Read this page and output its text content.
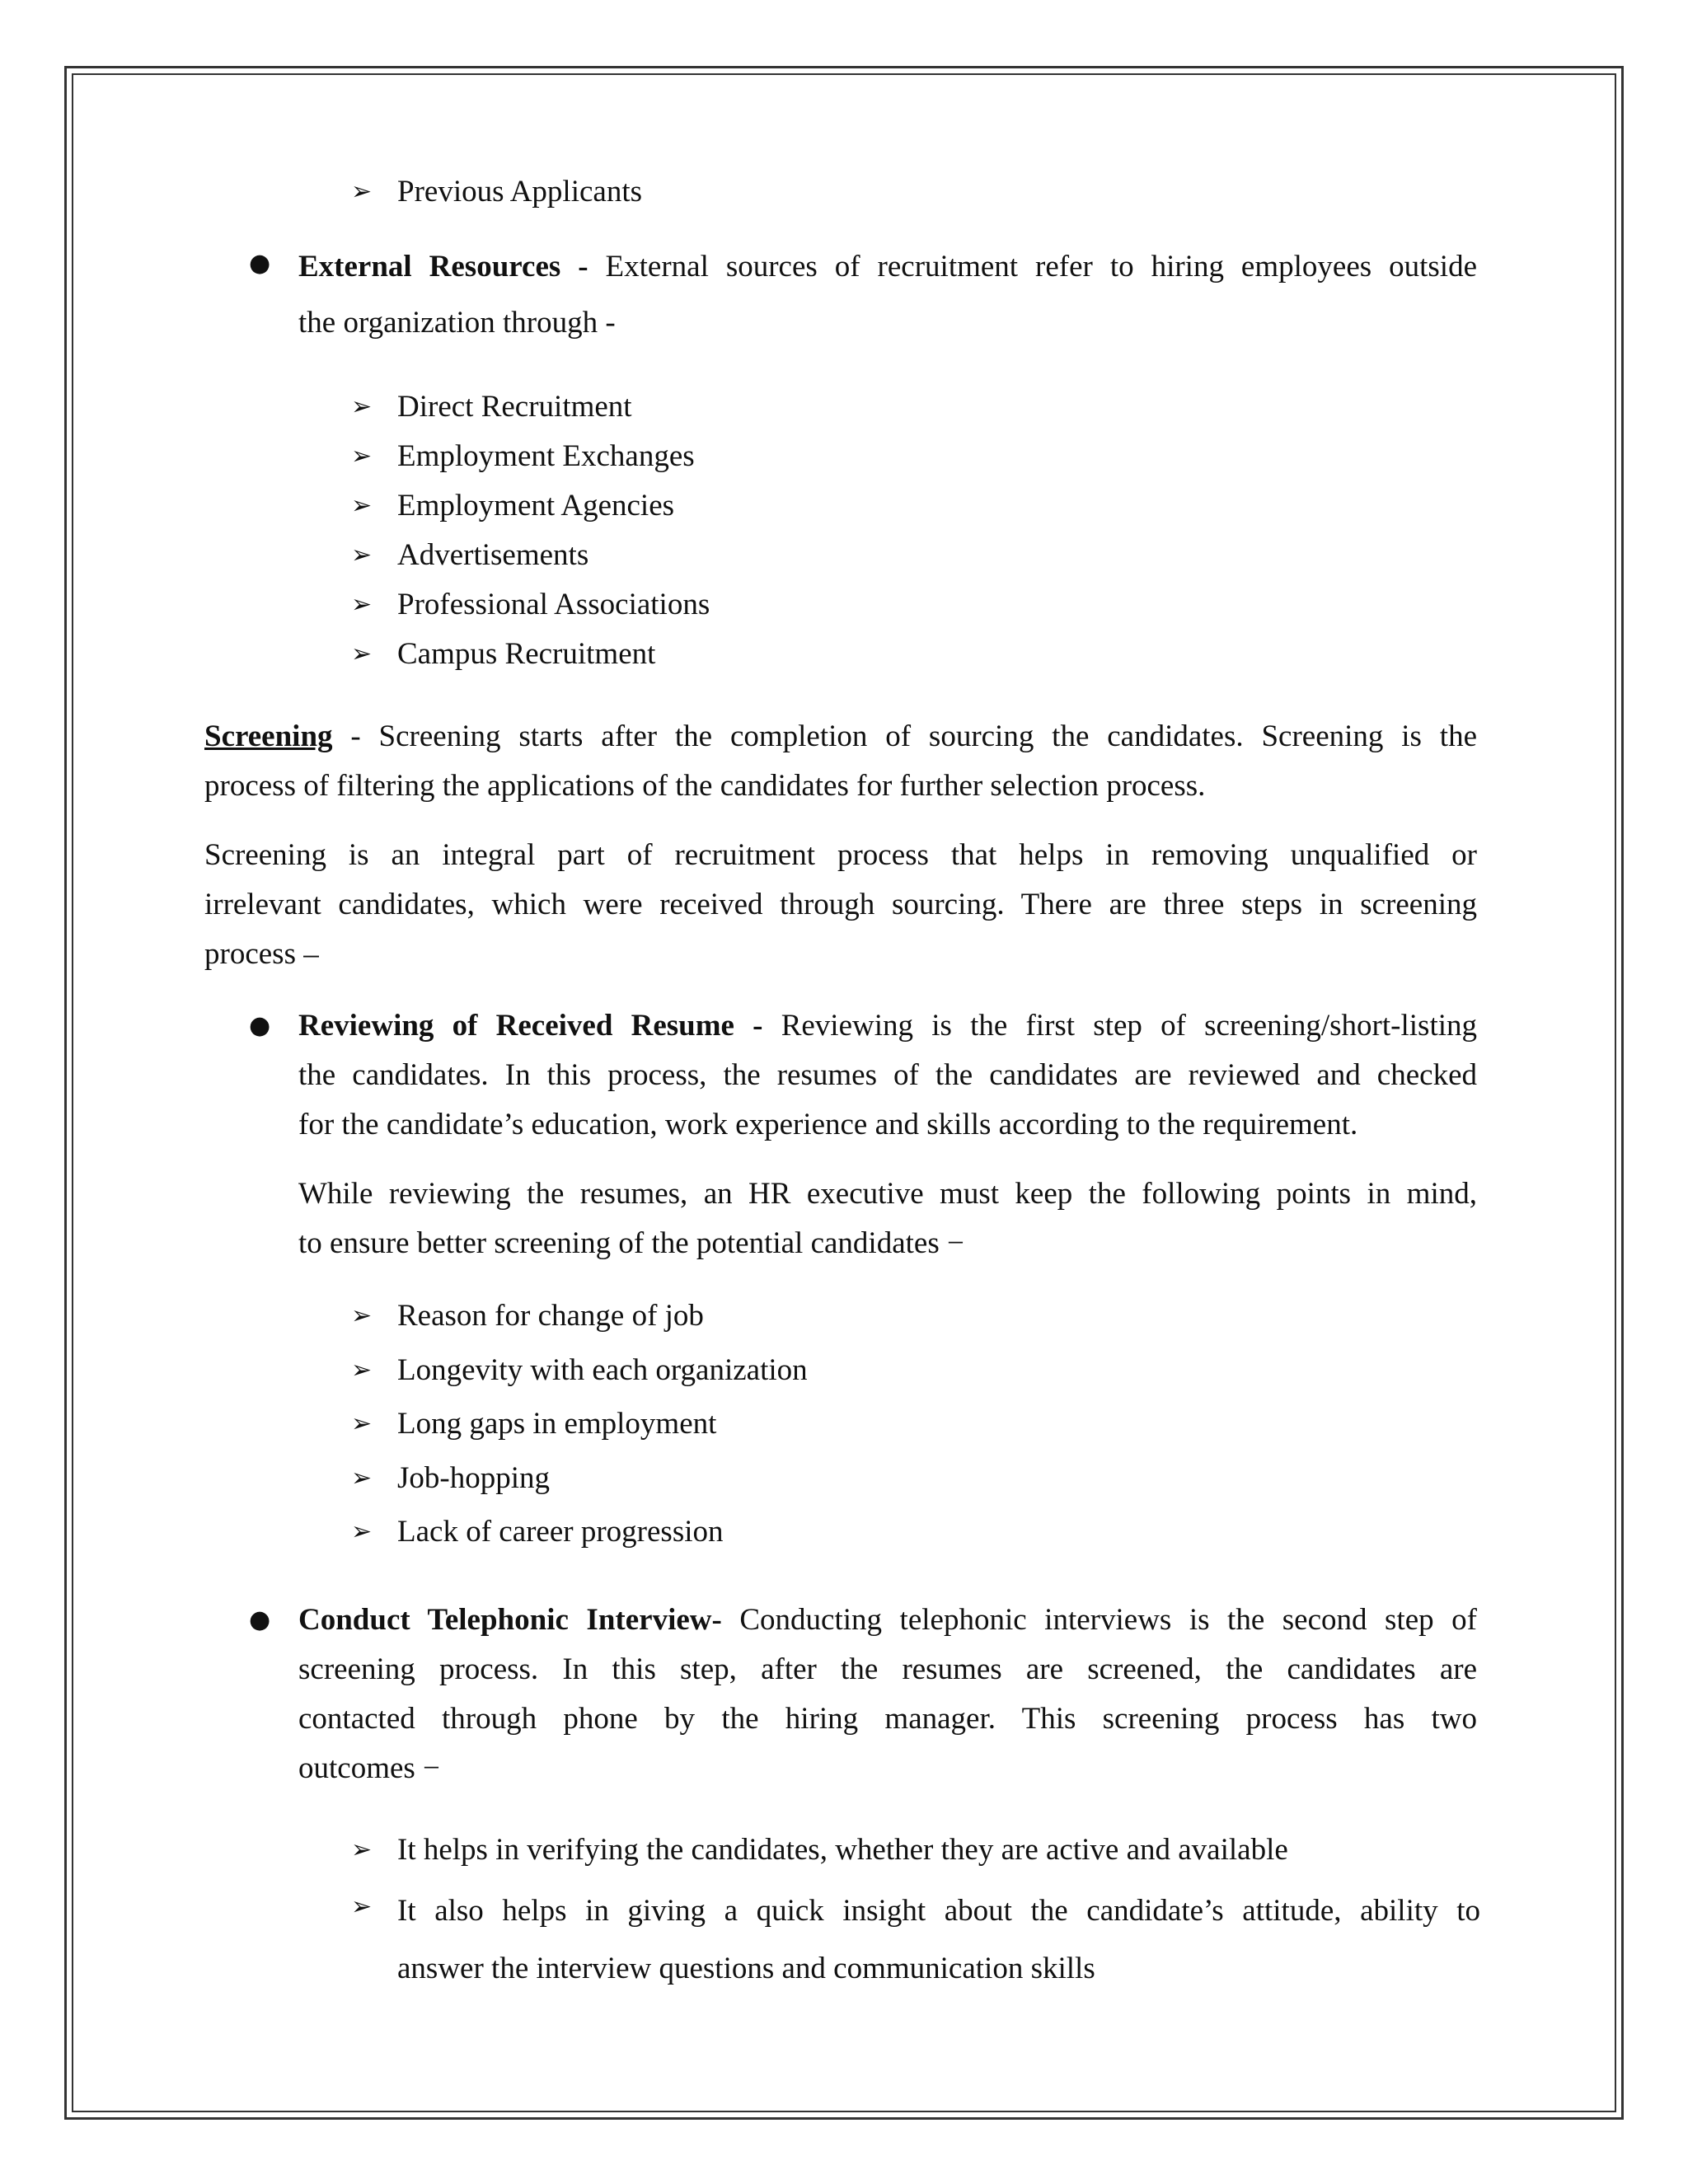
➢ Previous Applicants
● External Resources - External sources of recruitment refer to hiring employees outside
the organization through -
➢ Direct Recruitment
➢ Employment Exchanges
➢ Employment Agencies
➢ Advertisements
➢ Professional Associations
➢ Campus Recruitment
Screening - Screening starts after the completion of sourcing the candidates. Screening is the
process of filtering the applications of the candidates for further selection process.
Screening is an integral part of recruitment process that helps in removing unqualified or
irrelevant candidates, which were received through sourcing. There are three steps in screening
process –
● Reviewing of Received Resume - Reviewing is the first step of screening/short-listing
the candidates. In this process, the resumes of the candidates are reviewed and checked
for the candidate’s education, work experience and skills according to the requirement.
While reviewing the resumes, an HR executive must keep the following points in mind,
to ensure better screening of the potential candidates −
➢ Reason for change of job
➢ Longevity with each organization
➢ Long gaps in employment
➢ Job-hopping
➢ Lack of career progression
● Conduct Telephonic Interview- Conducting telephonic interviews is the second step of
screening process. In this step, after the resumes are screened, the candidates are
contacted through phone by the hiring manager. This screening process has two
outcomes −
➢ It helps in verifying the candidates, whether they are active and available
➢ It also helps in giving a quick insight about the candidate’s attitude, ability to
answer the interview questions and communication skills
